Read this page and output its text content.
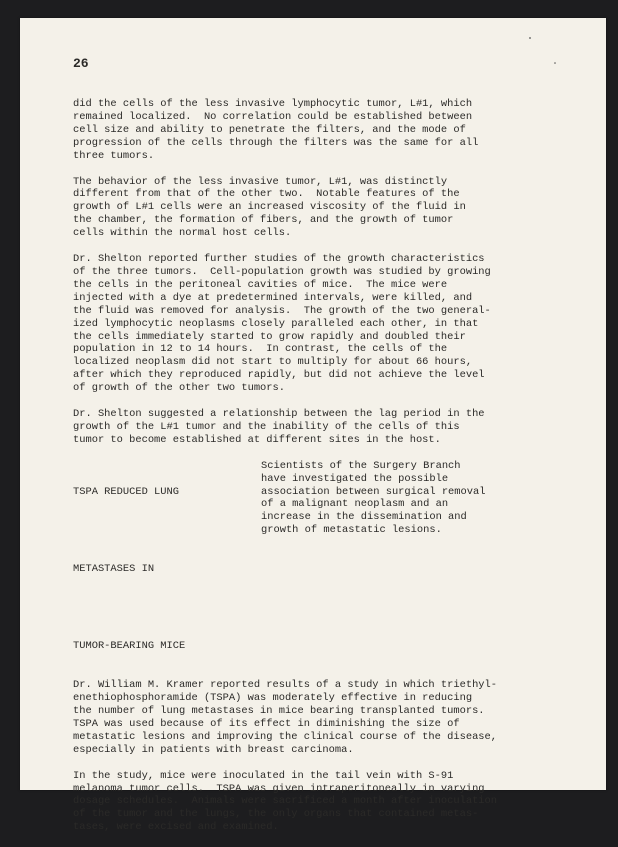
26

did the cells of the less invasive lymphocytic tumor, L#1, which
remained localized.  No correlation could be established between
cell size and ability to penetrate the filters, and the mode of
progression of the cells through the filters was the same for all
three tumors.

The behavior of the less invasive tumor, L#1, was distinctly
different from that of the other two.  Notable features of the
growth of L#1 cells were an increased viscosity of the fluid in
the chamber, the formation of fibers, and the growth of tumor
cells within the normal host cells.

Dr. Shelton reported further studies of the growth characteristics
of the three tumors.  Cell-population growth was studied by growing
the cells in the peritoneal cavities of mice.  The mice were
injected with a dye at predetermined intervals, were killed, and
the fluid was removed for analysis.  The growth of the two general-
ized lymphocytic neoplasms closely paralleled each other, in that
the cells immediately started to grow rapidly and doubled their
population in 12 to 14 hours.  In contrast, the cells of the
localized neoplasm did not start to multiply for about 66 hours,
after which they reproduced rapidly, but did not achieve the level
of growth of the other two tumors.

Dr. Shelton suggested a relationship between the lag period in the
growth of the L#1 tumor and the inability of the cells of this
tumor to become established at different sites in the host.

TSPA REDUCED LUNG

METASTASES IN

TUMOR-BEARING MICE

Scientists of the Surgery Branch
have investigated the possible
association between surgical removal
of a malignant neoplasm and an
increase in the dissemination and
growth of metastatic lesions.

Dr. William M. Kramer reported results of a study in which triethyl-
enethiophosphoramide (TSPA) was moderately effective in reducing
the number of lung metastases in mice bearing transplanted tumors.
TSPA was used because of its effect in diminishing the size of
metastatic lesions and improving the clinical course of the disease,
especially in patients with breast carcinoma.

In the study, mice were inoculated in the tail vein with S-91
melanoma tumor cells.  TSPA was given intraperitoneally in varying
dosage schedules.  Animals were sacrificed a month after inoculation
of the tumor and the lungs, the only organs that contained metas-
tases, were excised and examined.
